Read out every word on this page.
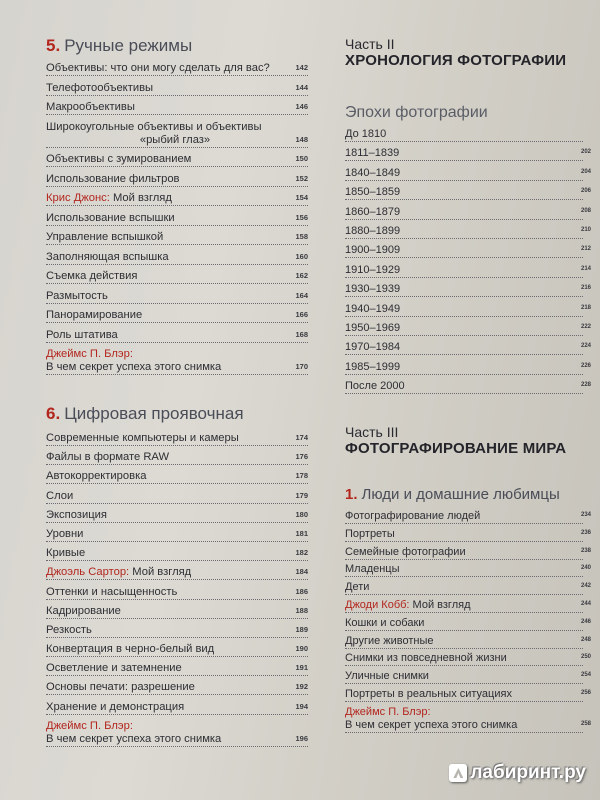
5. Ручные режимы
Объективы: что они могу сделать для вас?	142
Телефотообъективы	144
Макрообъективы	146
Широкоугольные объективы и объективы
«рыбий глаз»	148
Объективы с зумированием	150
Использование фильтров	152
Крис Джонс: Мой взгляд	154
Использование вспышки	156
Управление вспышкой	158
Заполняющая вспышка	160
Съемка действия	162
Размытость	164
Панорамирование	166
Роль штатива	168
Джеймс П. Блэр:
В чем секрет успеха этого снимка	170
6. Цифровая проявочная
Современные компьютеры и камеры	174
Файлы в формате RAW	176
Автокорректировка	178
Слои	179
Экспозиция	180
Уровни	181
Кривые	182
Джоэль Сартор: Мой взгляд	184
Оттенки и насыщенность	186
Кадрирование	188
Резкость	189
Конвертация в черно-белый вид	190
Осветление и затемнение	191
Основы печати: разрешение	192
Хранение и демонстрация	194
Джеймс П. Блэр:
В чем секрет успеха этого снимка	196
Часть II
ХРОНОЛОГИЯ ФОТОГРАФИИ
Эпохи фотографии
До 1810
1811–1839	202
1840–1849	204
1850–1859	206
1860–1879	208
1880–1899	210
1900–1909	212
1910–1929	214
1930–1939	216
1940–1949	218
1950–1969	222
1970–1984	224
1985–1999	226
После 2000	228
Часть III
ФОТОГРАФИРОВАНИЕ МИРА
1. Люди и домашние любимцы
Фотографирование людей	234
Портреты	236
Семейные фотографии	238
Младенцы	240
Дети	242
Джоди Кобб: Мой взгляд	244
Кошки и собаки	246
Другие животные	248
Снимки из повседневной жизни	250
Уличные снимки	254
Портреты в реальных ситуациях	256
Джеймс П. Блэр:
В чем секрет успеха этого снимка	258
лабиринт.ру
